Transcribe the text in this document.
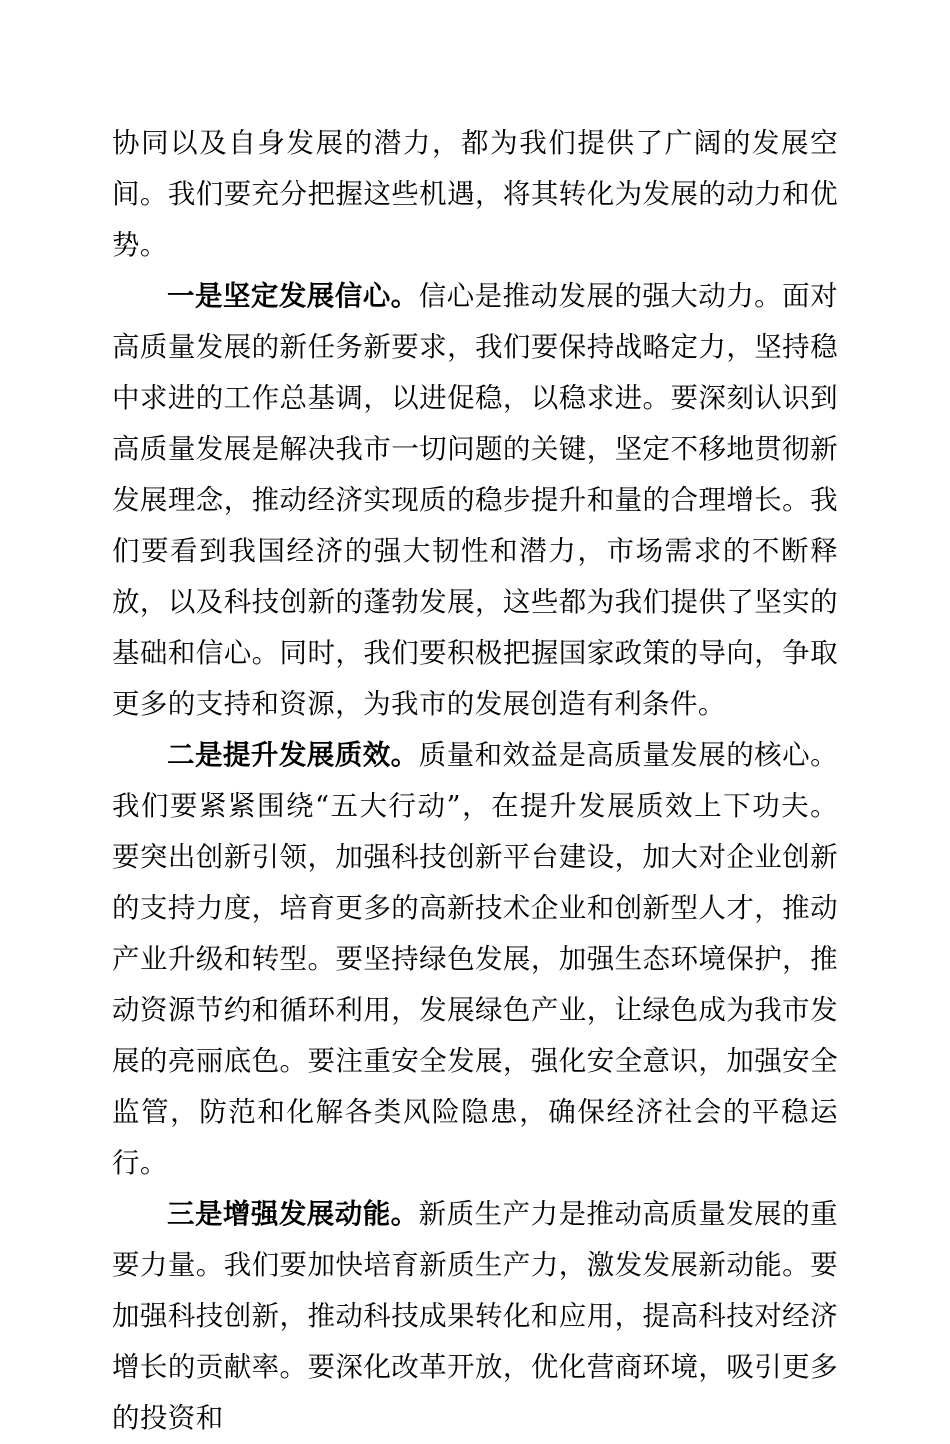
协同以及自身发展的潜力，都为我们提供了广阔的发展空间。我们要充分把握这些机遇，将其转化为发展的动力和优势。

一是坚定发展信心。信心是推动发展的强大动力。面对高质量发展的新任务新要求，我们要保持战略定力，坚持稳中求进的工作总基调，以进促稳，以稳求进。要深刻认识到高质量发展是解决我市一切问题的关键，坚定不移地贯彻新发展理念，推动经济实现质的稳步提升和量的合理增长。我们要看到我国经济的强大韧性和潜力，市场需求的不断释放，以及科技创新的蓬勃发展，这些都为我们提供了坚实的基础和信心。同时，我们要积极把握国家政策的导向，争取更多的支持和资源，为我市的发展创造有利条件。

二是提升发展质效。质量和效益是高质量发展的核心。我们要紧紧围绕“五大行动”，在提升发展质效上下功夫。要突出创新引领，加强科技创新平台建设，加大对企业创新的支持力度，培育更多的高新技术企业和创新型人才，推动产业升级和转型。要坚持绿色发展，加强生态环境保护，推动资源节约和循环利用，发展绿色产业，让绿色成为我市发展的亮丽底色。要注重安全发展，强化安全意识，加强安全监管，防范和化解各类风险隐患，确保经济社会的平稳运行。

三是增强发展动能。新质生产力是推动高质量发展的重要力量。我们要加快培育新质生产力，激发发展新动能。要加强科技创新，推动科技成果转化和应用，提高科技对经济增长的贡献率。要深化改革开放，优化营商环境，吸引更多的投资和
